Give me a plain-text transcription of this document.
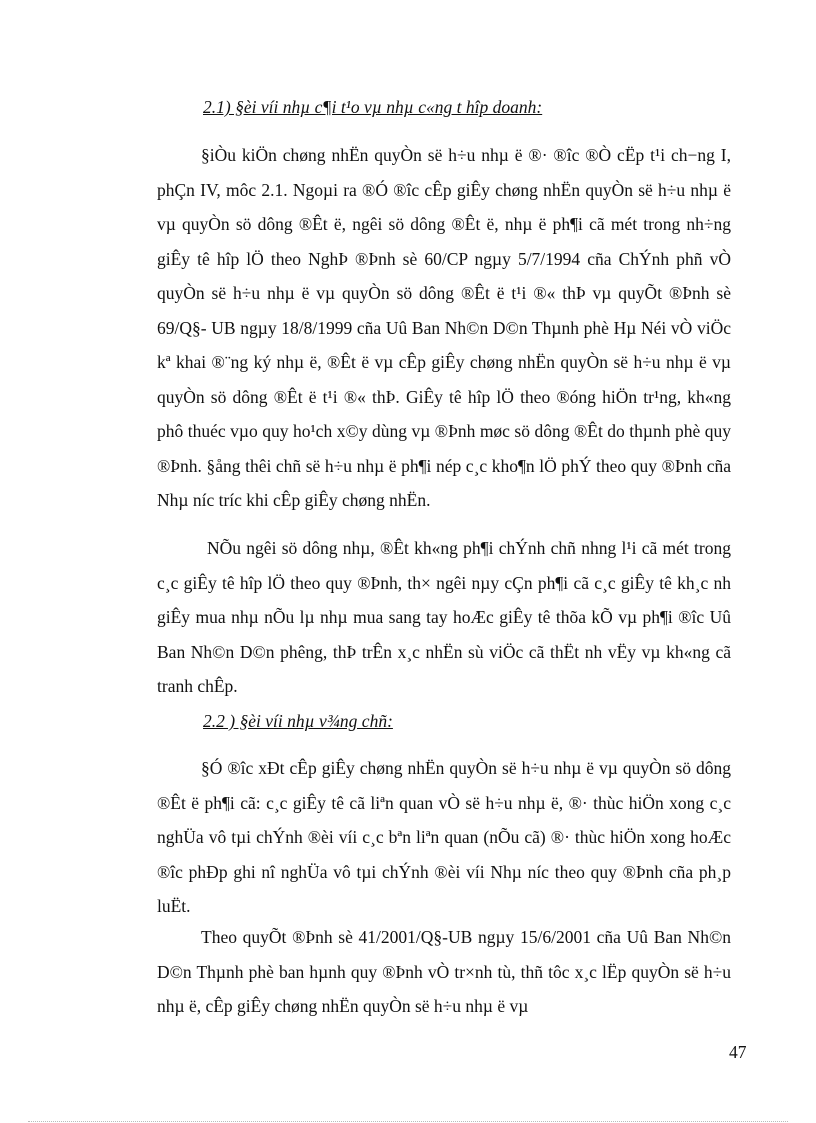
2.1) §èi víi nhµ c¶i t¹o vµ nhµ c«ng t hîp doanh:

§iÒu kiÖn chøng nhËn quyÒn së h÷u nhµ ë ®· ®îc ®Ò cËp t¹i ch−ng I, phÇn IV, môc 2.1. Ngoµi ra ®Ó ®îc cÊp giÊy chøng nhËn quyÒn së h÷u nhµ ë vµ quyÒn sö dông ®Êt ë, ngêi sö dông ®Êt ë, nhµ ë ph¶i cã mét trong nh÷ng giÊy tê hîp lÖ theo NghÞ ®Þnh sè 60/CP ngµy 5/7/1994 cña ChÝnh phñ vÒ quyÒn së h÷u nhµ ë vµ quyÒn sö dông ®Êt ë t¹i ®« thÞ vµ quyÕt ®Þnh sè 69/Q§- UB ngµy 18/8/1999 cña Uû Ban Nh©n D©n Thµnh phè Hµ Néi vÒ viÖc kª khai ®¨ng ký nhµ ë, ®Êt ë vµ cÊp giÊy chøng nhËn quyÒn së h÷u nhµ ë vµ quyÒn sö dông ®Êt ë t¹i ®« thÞ. GiÊy tê hîp lÖ theo ®óng hiÖn tr¹ng, kh«ng phô thuéc vµo quy ho¹ch x©y dùng vµ ®Þnh møc sö dông ®Êt do thµnh phè quy ®Þnh. §ång thêi chñ së h÷u nhµ ë ph¶i nép c¸c kho¶n lÖ phÝ theo quy ®Þnh cña Nhµ níc tríc khi cÊp giÊy chøng nhËn.

NÕu ngêi sö dông nhµ, ®Êt kh«ng ph¶i chÝnh chñ nhng l¹i cã mét trong c¸c giÊy tê hîp lÖ theo quy ®Þnh, th× ngêi nµy cÇn ph¶i cã c¸c giÊy tê kh¸c nh giÊy mua nhµ nÕu lµ nhµ mua sang tay hoÆc giÊy tê thõa kÕ vµ ph¶i ®îc Uû Ban Nh©n D©n phêng, thÞ trÊn x¸c nhËn sù viÖc cã thËt nh vËy vµ kh«ng cã tranh chÊp.

2.2 ) §èi víi nhµ v¾ng chñ:

§Ó ®îc xÐt cÊp giÊy chøng nhËn quyÒn së h÷u nhµ ë vµ quyÒn sö dông ®Êt ë ph¶i cã: c¸c giÊy tê cã liªn quan vÒ së h÷u nhµ ë, ®· thùc hiÖn xong c¸c nghÜa vô tµi chÝnh ®èi víi c¸c bªn liªn quan (nÕu cã) ®· thùc hiÖn xong hoÆc ®îc phÐp ghi nî nghÜa vô tµi chÝnh ®èi víi Nhµ níc theo quy ®Þnh cña ph¸p luËt.

Theo quyÕt ®Þnh sè 41/2001/Q§-UB ngµy 15/6/2001 cña Uû Ban Nh©n D©n Thµnh phè ban hµnh quy ®Þnh vÒ tr×nh tù, thñ tôc x¸c lËp quyÒn së h÷u nhµ ë, cÊp giÊy chøng nhËn quyÒn së h÷u nhµ ë vµ

47
